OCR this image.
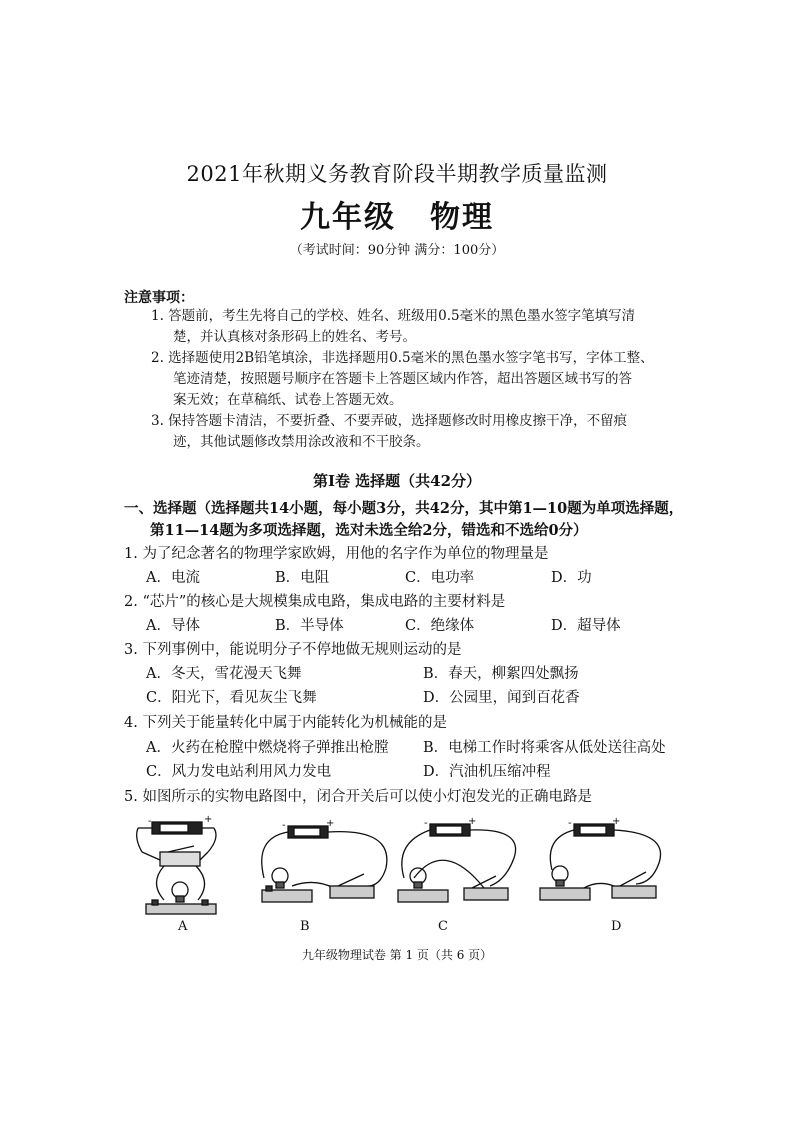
2021年秋期义务教育阶段半期教学质量监测
九年级 物理
（考试时间：90分钟 满分：100分）
注意事项：
1. 答题前，考生先将自己的学校、姓名、班级用0.5毫米的黑色墨水签字笔填写清
楚，并认真核对条形码上的姓名、考号。
2. 选择题使用2B铅笔填涂，非选择题用0.5毫米的黑色墨水签字笔书写，字体工整、
笔迹清楚，按照题号顺序在答题卡上答题区域内作答，超出答题区域书写的答
案无效；在草稿纸、试卷上答题无效。
3. 保持答题卡清洁，不要折叠、不要弄破，选择题修改时用橡皮擦干净，不留痕
迹，其他试题修改禁用涂改液和不干胶条。
第Ⅰ卷 选择题（共42分）
一、选择题（选择题共14小题，每小题3分，共42分，其中第1—10题为单项选择题，
第11—14题为多项选择题，选对未选全给2分，错选和不选给0分）
1. 为了纪念著名的物理学家欧姆，用他的名字作为单位的物理量是
A．电流	B．电阻	C．电功率	D．功
2. “芯片”的核心是大规模集成电路，集成电路的主要材料是
A．导体	B．半导体	C．绝缘体	D．超导体
3. 下列事例中，能说明分子不停地做无规则运动的是
A．冬天，雪花漫天飞舞	B．春天，柳絮四处飘扬
C．阳光下，看见灰尘飞舞	D．公园里，闻到百花香
4. 下列关于能量转化中属于内能转化为机械能的是
A．火药在枪膛中燃烧将子弹推出枪膛 B．电梯工作时将乘客从低处送往高处
C．风力发电站利用风力发电	D．汽油机压缩冲程
5. 如图所示的实物电路图中，闭合开关后可以使小灯泡发光的正确电路是
-	+
-	+	-	+	-	+
A	B	C	D
九年级物理试卷 第 1 页（共 6 页）
